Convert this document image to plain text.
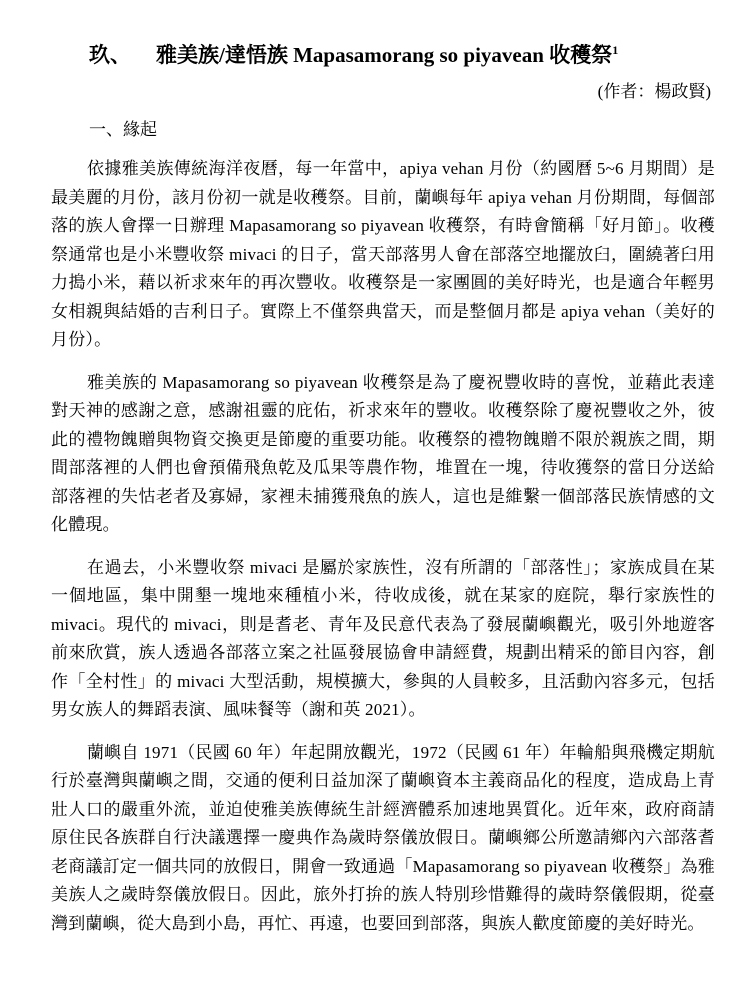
玖、 雅美族/達悟族 Mapasamorang so piyavean 收穫祭$^1$
(作者：楊政賢)
一、緣起

依據雅美族傳統海洋夜曆，每一年當中，apiya vehan 月份（約國曆 5~6 月期間）是最美麗的月份，該月份初一就是收穫祭。目前，蘭嶼每年 apiya vehan 月份期間，每個部落的族人會擇一日辦理 Mapasamorang so piyavean 收穫祭，有時會簡稱「好月節」。收穫祭通常也是小米豐收祭 mivaci 的日子，當天部落男人會在部落空地擺放臼，圍繞著臼用力搗小米，藉以祈求來年的再次豐收。收穫祭是一家團圓的美好時光，也是適合年輕男女相親與結婚的吉利日子。實際上不僅祭典當天，而是整個月都是 apiya vehan（美好的月份）。

雅美族的 Mapasamorang so piyavean 收穫祭是為了慶祝豐收時的喜悅，並藉此表達對天神的感謝之意，感謝祖靈的庇佑，祈求來年的豐收。收穫祭除了慶祝豐收之外，彼此的禮物餽贈與物資交換更是節慶的重要功能。收穫祭的禮物餽贈不限於親族之間，期間部落裡的人們也會預備飛魚乾及瓜果等農作物，堆置在一塊，待收獲祭的當日分送給部落裡的失怙老者及寡婦，家裡未捕獲飛魚的族人，這也是維繫一個部落民族情感的文化體現。

在過去，小米豐收祭 mivaci 是屬於家族性，沒有所謂的「部落性」；家族成員在某一個地區，集中開墾一塊地來種植小米，待收成後，就在某家的庭院，舉行家族性的 mivaci。現代的 mivaci，則是耆老、青年及民意代表為了發展蘭嶼觀光，吸引外地遊客前來欣賞，族人透過各部落立案之社區發展協會申請經費，規劃出精采的節目內容，創作「全村性」的 mivaci 大型活動，規模擴大，參與的人員較多，且活動內容多元，包括男女族人的舞蹈表演、風味餐等（謝和英 2021）。

蘭嶼自 1971（民國 60 年）年起開放觀光，1972（民國 61 年）年輪船與飛機定期航行於臺灣與蘭嶼之間，交通的便利日益加深了蘭嶼資本主義商品化的程度，造成島上青壯人口的嚴重外流，並迫使雅美族傳統生計經濟體系加速地異質化。近年來，政府商請原住民各族群自行決議選擇一慶典作為歲時祭儀放假日。蘭嶼鄉公所邀請鄉內六部落耆老商議訂定一個共同的放假日，開會一致通過「Mapasamorang so piyavean 收穫祭」為雅美族人之歲時祭儀放假日。因此，旅外打拚的族人特別珍惜難得的歲時祭儀假期，從臺灣到蘭嶼，從大島到小島，再忙、再遠，也要回到部落，與族人歡度節慶的美好時光。
